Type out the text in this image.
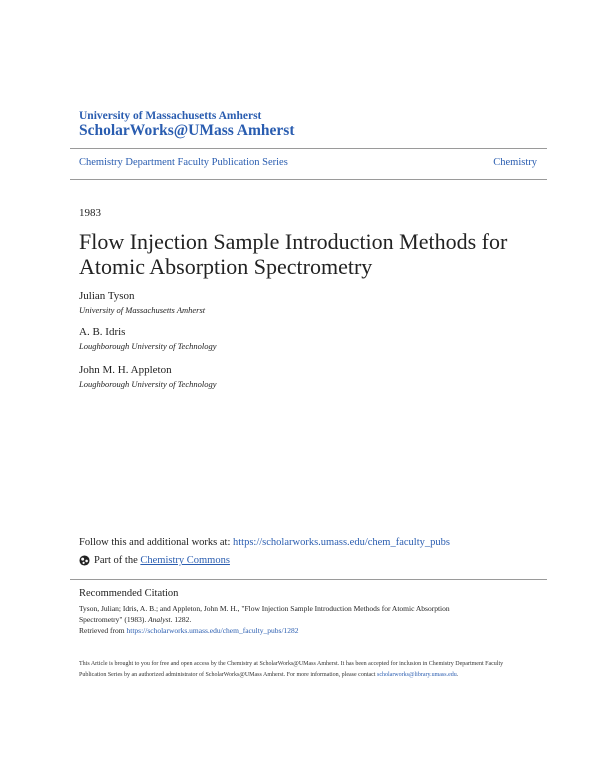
University of Massachusetts Amherst
ScholarWorks@UMass Amherst
Chemistry Department Faculty Publication Series	Chemistry
1983
Flow Injection Sample Introduction Methods for Atomic Absorption Spectrometry
Julian Tyson
University of Massachusetts Amherst
A. B. Idris
Loughborough University of Technology
John M. H. Appleton
Loughborough University of Technology
Follow this and additional works at: https://scholarworks.umass.edu/chem_faculty_pubs
Part of the Chemistry Commons
Recommended Citation
Tyson, Julian; Idris, A. B.; and Appleton, John M. H., "Flow Injection Sample Introduction Methods for Atomic Absorption
Spectrometry" (1983). Analyst. 1282.
Retrieved from https://scholarworks.umass.edu/chem_faculty_pubs/1282
This Article is brought to you for free and open access by the Chemistry at ScholarWorks@UMass Amherst. It has been accepted for inclusion in Chemistry Department Faculty Publication Series by an authorized administrator of ScholarWorks@UMass Amherst. For more information, please contact scholarworks@library.umass.edu.
